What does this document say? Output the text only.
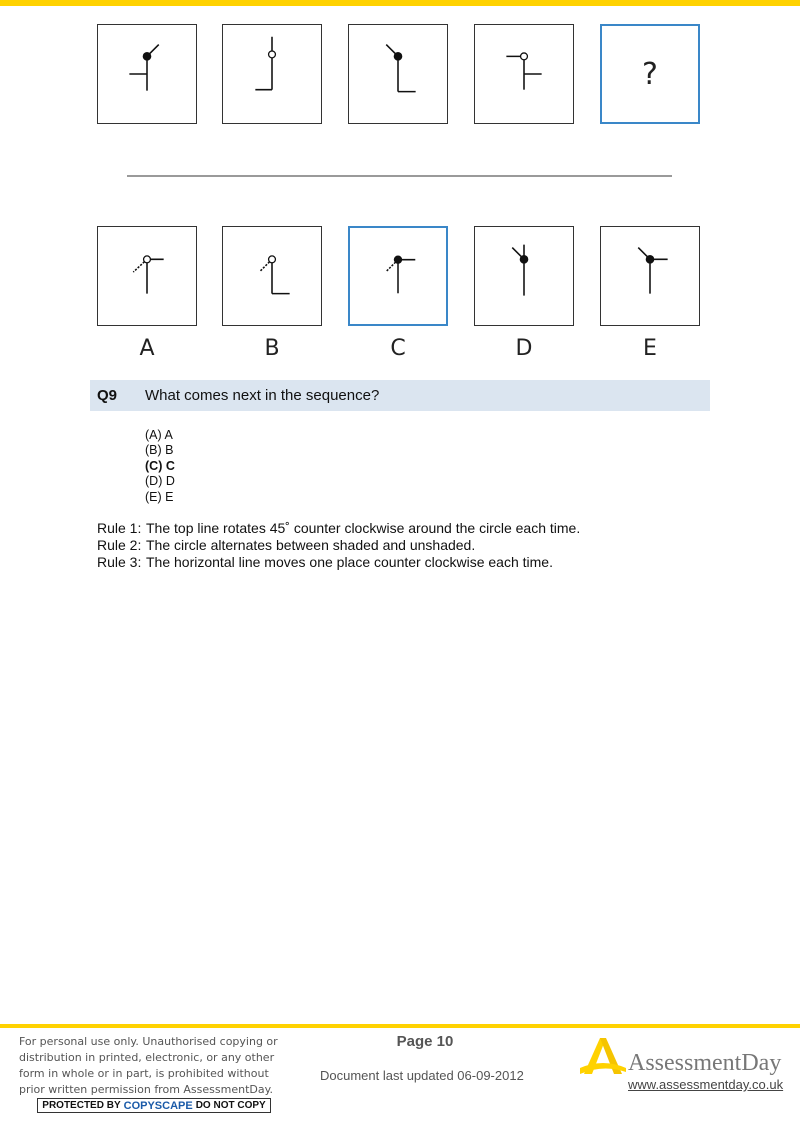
?
A	B	C	D	E
Q9 What comes next in the sequence?
(A) A
(B) B
(C) C
(D) D
(E) E
Rule 1: The top line rotates 45˚ counter clockwise around the circle each time.
Rule 2: The circle alternates between shaded and unshaded.
Rule 3: The horizontal line moves one place counter clockwise each time.
For personal use only. Unauthorised copying or distribution in printed, electronic, or any other form in whole or in part, is prohibited without prior written permission from AssessmentDay.
PROTECTED BY COPYSCAPE DO NOT COPY
Page 10
Document last updated 06-09-2012	AssessmentDay
www.assessmentday.co.uk
